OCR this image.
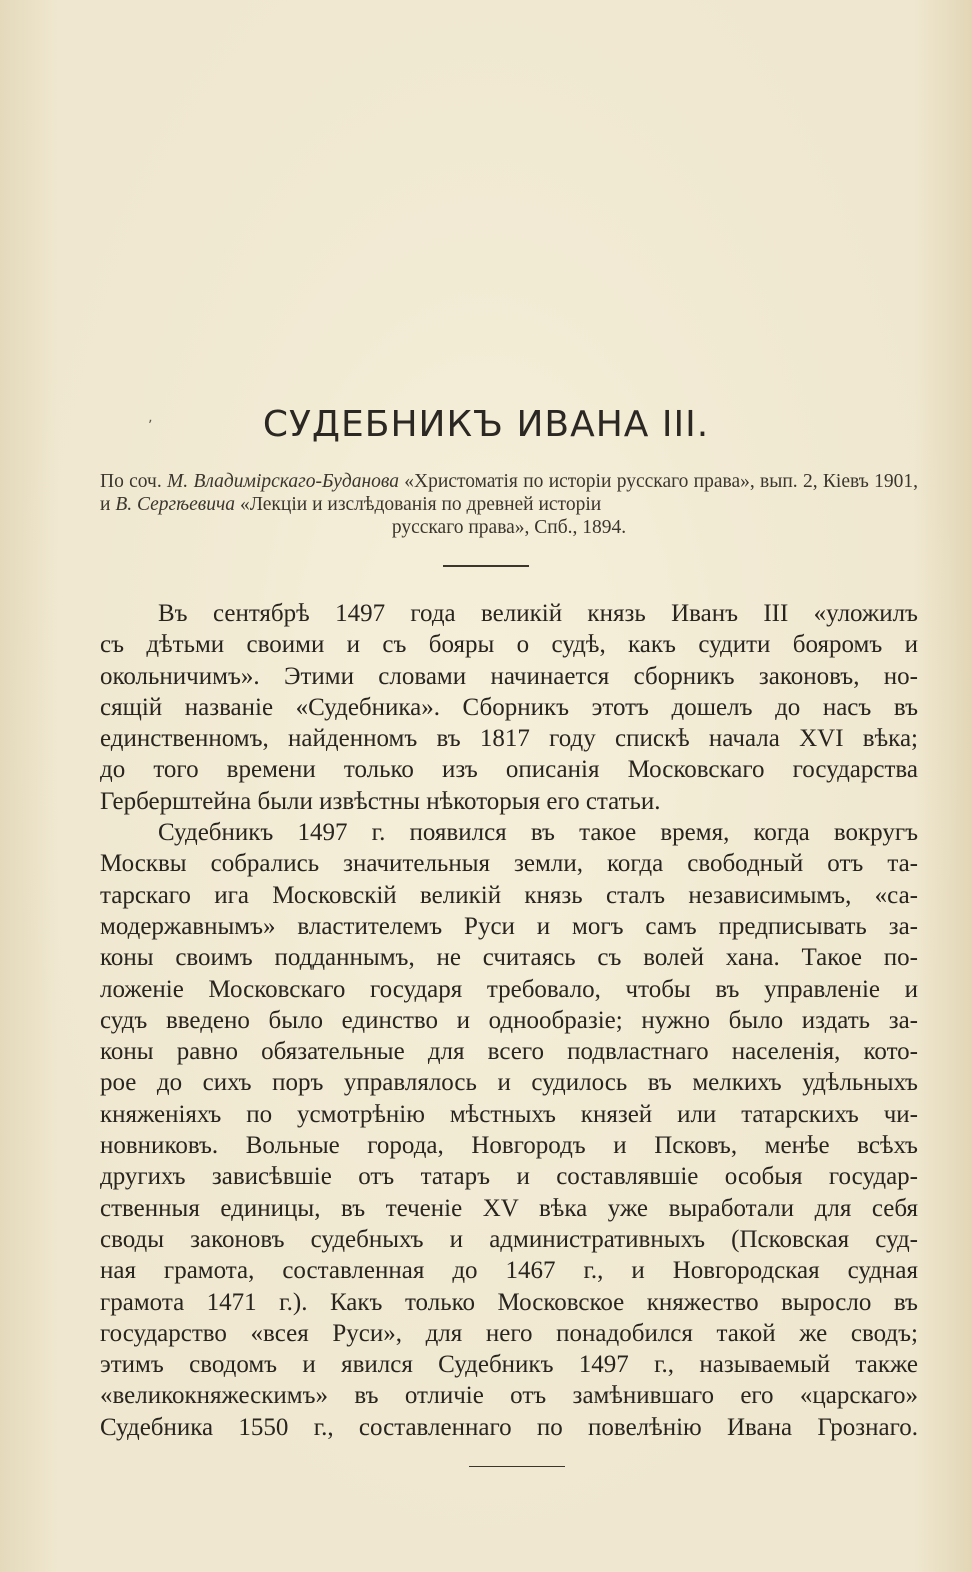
ʼ	СУДЕБНИКЪ ИВАНА III.
По соч. М. Владимірскаго-Буданова «Христоматія по исторіи русскаго права», вып. 2, Кіевъ 1901, и В. Сергѣевича «Лекціи и изслѣдованія по древней исторіи
русскаго права», Спб., 1894.
Въ сентябрѣ 1497 года великій князь Иванъ III «уложилъ
съ дѣтьми своими и съ бояры о судѣ, какъ судити бояромъ и
окольничимъ». Этими словами начинается сборникъ законовъ, но-
сящій названіе «Судебника». Сборникъ этотъ дошелъ до насъ въ
единственномъ, найденномъ въ 1817 году спискѣ начала XVI вѣка;
до того времени только изъ описанія Московскаго государства
Герберштейна были извѣстны нѣкоторыя его статьи.
Судебникъ 1497 г. появился въ такое время, когда вокругъ
Москвы собрались значительныя земли, когда свободный отъ та-
тарскаго ига Московскій великій князь сталъ независимымъ, «са-
модержавнымъ» властителемъ Руси и могъ самъ предписывать за-
коны своимъ подданнымъ, не считаясь съ волей хана. Такое по-
ложеніе Московскаго государя требовало, чтобы въ управленіе и
судъ введено было единство и однообразіе; нужно было издать за-
коны равно обязательные для всего подвластнаго населенія, кото-
рое до сихъ поръ управлялось и судилось въ мелкихъ удѣльныхъ
княженіяхъ по усмотрѣнію мѣстныхъ князей или татарскихъ чи-
новниковъ. Вольные города, Новгородъ и Псковъ, менѣе всѣхъ
другихъ зависѣвшіе отъ татаръ и составлявшіе особыя государ-
ственныя единицы, въ теченіе XV вѣка уже выработали для себя
своды законовъ судебныхъ и административныхъ (Псковская суд-
ная грамота, составленная до 1467 г., и Новгородская судная
грамота 1471 г.). Какъ только Московское княжество выросло въ
государство «всея Руси», для него понадобился такой же сводъ;
этимъ сводомъ и явился Судебникъ 1497 г., называемый также
«великокняжескимъ» въ отличіе отъ замѣнившаго его «царскаго»
Судебника 1550 г., составленнаго по повелѣнію Ивана Грознаго.
